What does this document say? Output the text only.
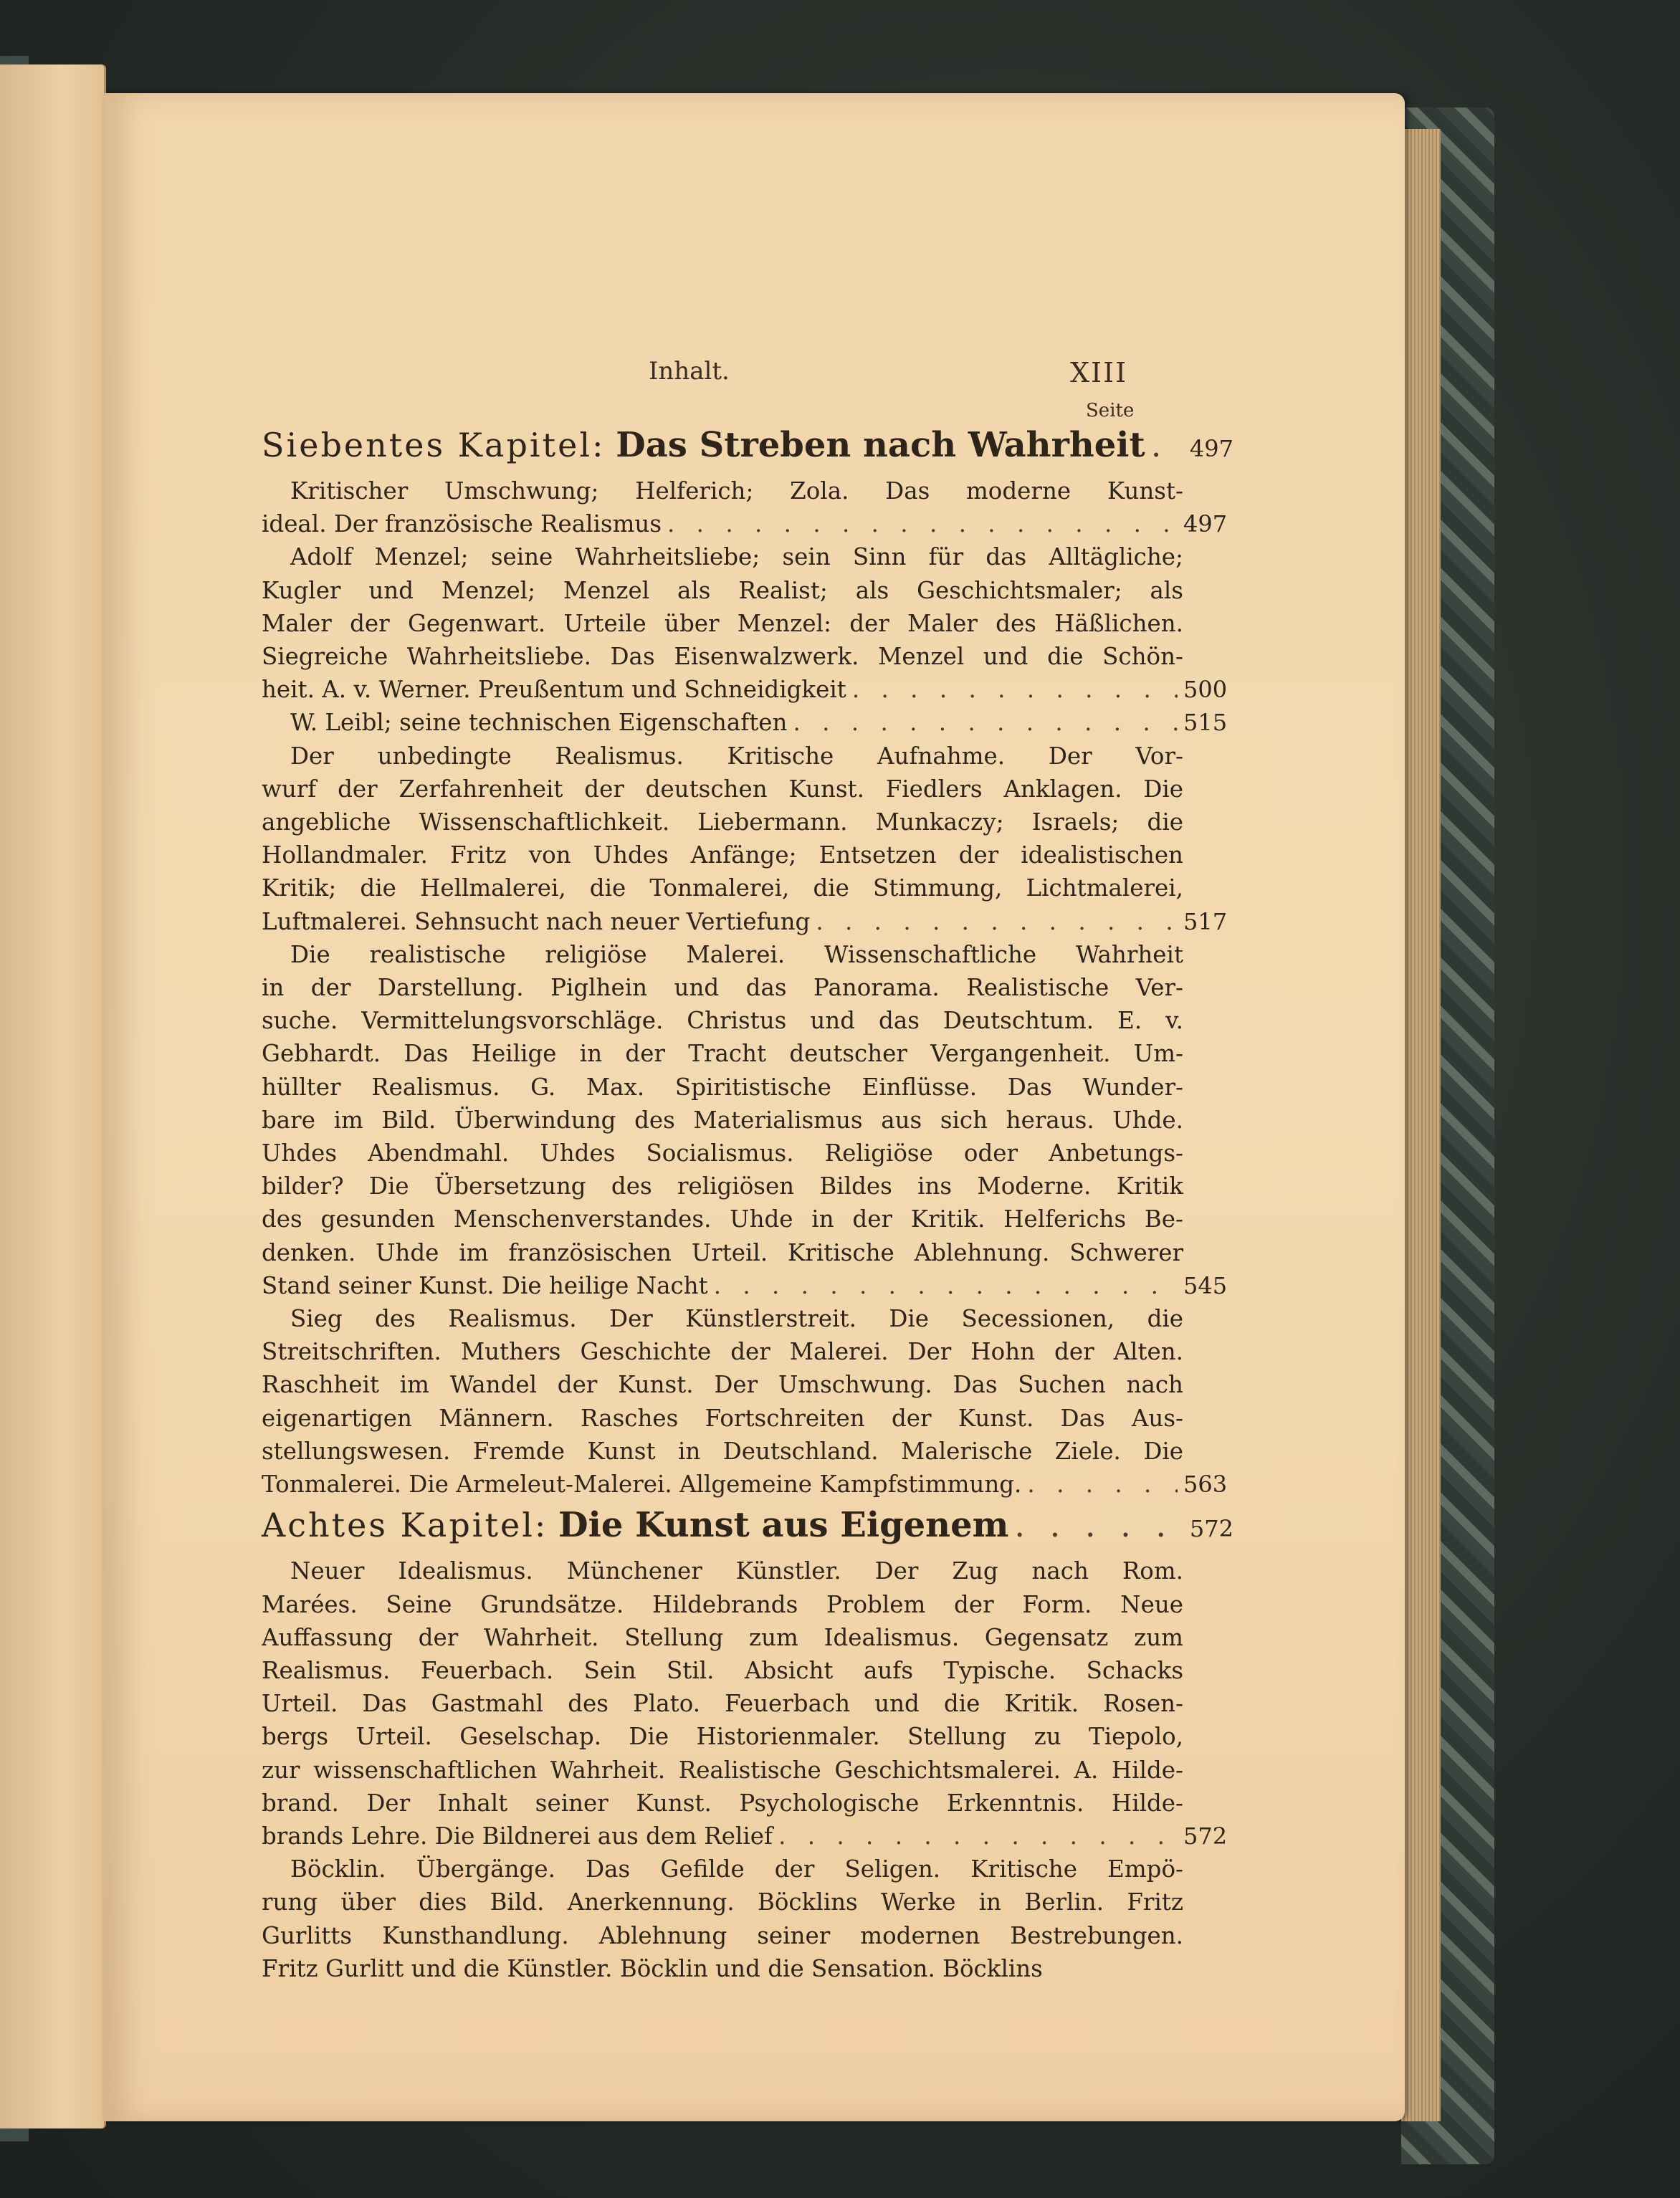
Inhalt.	XIII
Seite
Siebentes Kapitel: Das Streben nach Wahrheit . . . 497
Kritischer Umschwung; Helferich; Zola. Das moderne Kunst-
ideal. Der französische Realismus . . .	497
Adolf Menzel; seine Wahrheitsliebe; sein Sinn für das Alltägliche;
Kugler und Menzel; Menzel als Realist; als Geschichtsmaler; als
Maler der Gegenwart. Urteile über Menzel: der Maler des Häßlichen.
Siegreiche Wahrheitsliebe. Das Eisenwalzwerk. Menzel und die Schön-
heit. A. v. Werner. Preußentum und Schneidigkeit . . .	500
W. Leibl; seine technischen Eigenschaften . . .	515
Der unbedingte Realismus. Kritische Aufnahme. Der Vor-
wurf der Zerfahrenheit der deutschen Kunst. Fiedlers Anklagen. Die
angebliche Wissenschaftlichkeit. Liebermann. Munkaczy; Israels; die
Hollandmaler. Fritz von Uhdes Anfänge; Entsetzen der idealistischen
Kritik; die Hellmalerei, die Tonmalerei, die Stimmung, Lichtmalerei,
Luftmalerei. Sehnsucht nach neuer Vertiefung . . .	517
Die realistische religiöse Malerei. Wissenschaftliche Wahrheit
in der Darstellung. Piglhein und das Panorama. Realistische Ver-
suche. Vermittelungsvorschläge. Christus und das Deutschtum. E. v.
Gebhardt. Das Heilige in der Tracht deutscher Vergangenheit. Um-
hüllter Realismus. G. Max. Spiritistische Einflüsse. Das Wunder-
bare im Bild. Überwindung des Materialismus aus sich heraus. Uhde.
Uhdes Abendmahl. Uhdes Socialismus. Religiöse oder Anbetungs-
bilder? Die Übersetzung des religiösen Bildes ins Moderne. Kritik
des gesunden Menschenverstandes. Uhde in der Kritik. Helferichs Be-
denken. Uhde im französischen Urteil. Kritische Ablehnung. Schwerer
Stand seiner Kunst. Die heilige Nacht . . .	545
Sieg des Realismus. Der Künstlerstreit. Die Secessionen, die
Streitschriften. Muthers Geschichte der Malerei. Der Hohn der Alten.
Raschheit im Wandel der Kunst. Der Umschwung. Das Suchen nach
eigenartigen Männern. Rasches Fortschreiten der Kunst. Das Aus-
stellungswesen. Fremde Kunst in Deutschland. Malerische Ziele. Die
Tonmalerei. Die Armeleut-Malerei. Allgemeine Kampfstimmung. . . .	563
Achtes Kapitel: Die Kunst aus Eigenem . . .	572
Neuer Idealismus. Münchener Künstler. Der Zug nach Rom.
Marées. Seine Grundsätze. Hildebrands Problem der Form. Neue
Auffassung der Wahrheit. Stellung zum Idealismus. Gegensatz zum
Realismus. Feuerbach. Sein Stil. Absicht aufs Typische. Schacks
Urteil. Das Gastmahl des Plato. Feuerbach und die Kritik. Rosen-
bergs Urteil. Geselschap. Die Historienmaler. Stellung zu Tiepolo,
zur wissenschaftlichen Wahrheit. Realistische Geschichtsmalerei. A. Hilde-
brand. Der Inhalt seiner Kunst. Psychologische Erkenntnis. Hilde-
brands Lehre. Die Bildnerei aus dem Relief . . .	572
Böcklin. Übergänge. Das Gefilde der Seligen. Kritische Empö-
rung über dies Bild. Anerkennung. Böcklins Werke in Berlin. Fritz
Gurlitts Kunsthandlung. Ablehnung seiner modernen Bestrebungen.
Fritz Gurlitt und die Künstler. Böcklin und die Sensation. Böcklins
